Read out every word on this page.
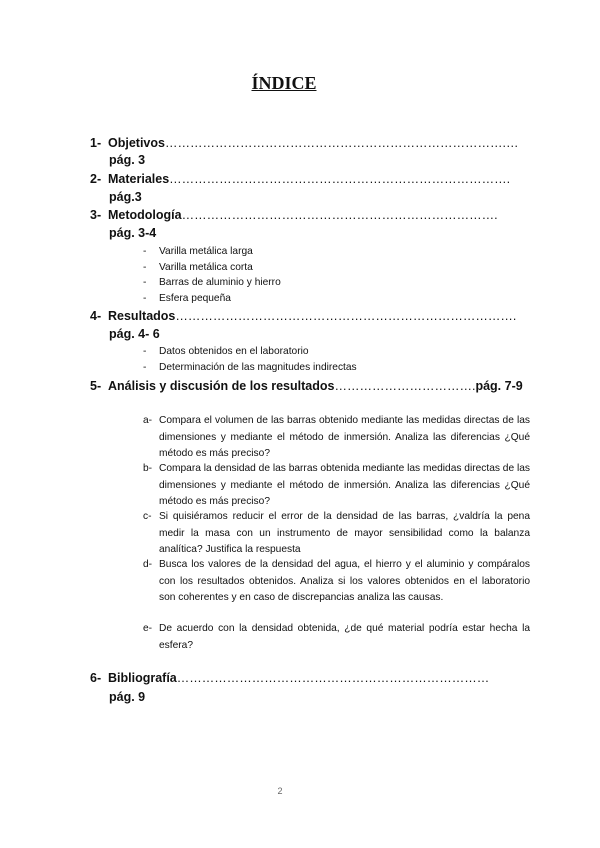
ÍNDICE
1- Objetivos……………………………………………………………………….…
pág. 3
2- Materiales……………………………………………………………………….
pág.3
3- Metodología………………………………………………………………….
pág. 3-4
- Varilla metálica larga
- Varilla metálica corta
- Barras de aluminio y hierro
- Esfera pequeña
4- Resultados……………………………………………………………………….
pág. 4- 6
- Datos obtenidos en el laboratorio
- Determinación de las magnitudes indirectas
5- Análisis y discusión de los resultados…………………………….pág. 7-9
a- Compara el volumen de las barras obtenido mediante las medidas directas de las dimensiones y mediante el método de inmersión. Analiza las diferencias ¿Qué método es más preciso?
b- Compara la densidad de las barras obtenida mediante las medidas directas de las dimensiones y mediante el método de inmersión. Analiza las diferencias ¿Qué método es más preciso?
c- Si quisiéramos reducir el error de la densidad de las barras, ¿valdría la pena medir la masa con un instrumento de mayor sensibilidad como la balanza analítica? Justifica la respuesta
d- Busca los valores de la densidad del agua, el hierro y el aluminio y compáralos con los resultados obtenidos. Analiza si los valores obtenidos en el laboratorio son coherentes y en caso de discrepancias analiza las causas.
e- De acuerdo con la densidad obtenida, ¿de qué material podría estar hecha la esfera?
6- Bibliografía…………………………………………………………………
pág. 9
2
